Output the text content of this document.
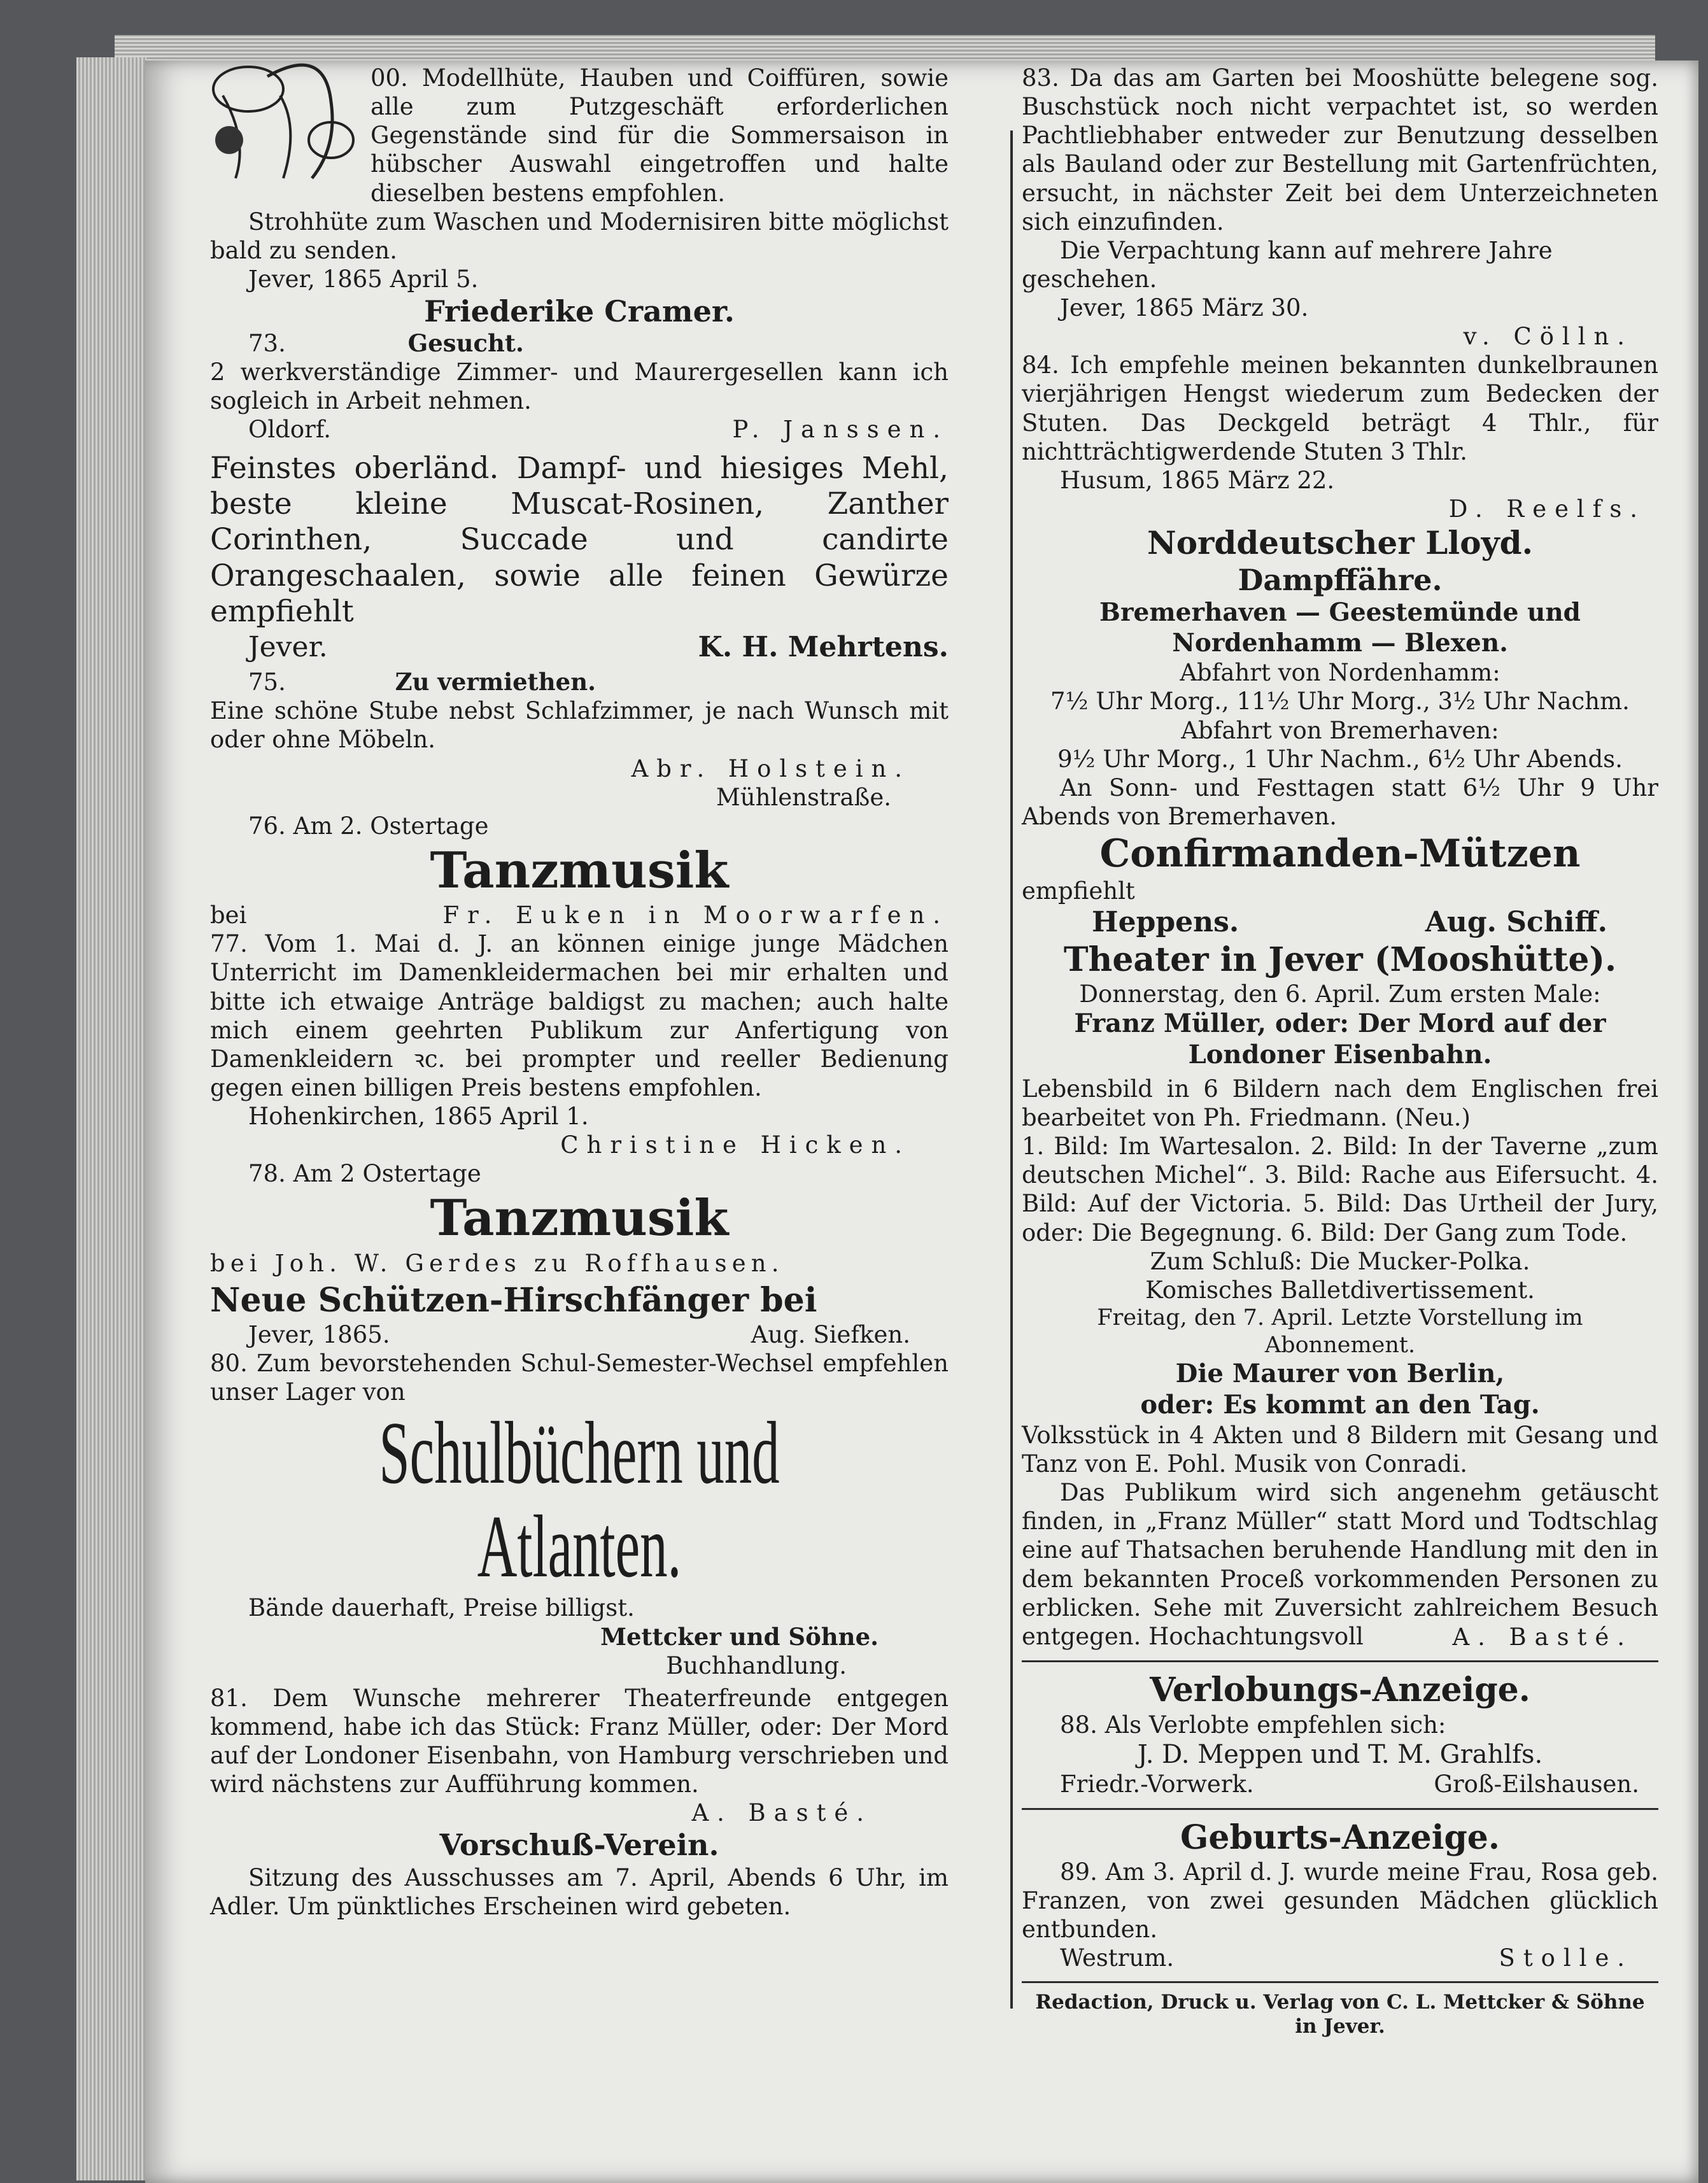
00. Modellhüte, Hauben und Coiffüren, sowie alle zum Putzgeschäft erforderlichen Gegenstände sind für die Sommersaison in hübscher Auswahl eingetroffen und halte dieselben bestens empfohlen.

Strohhüte zum Waschen und Modernisiren bitte möglichst bald zu senden.

Jever, 1865 April 5.

Friederike Cramer.

73.	Gesucht.

2 werkverständige Zimmer- und Maurergesellen kann ich sogleich in Arbeit nehmen.

Oldorf.	P. Janssen.

Feinstes oberländ. Dampf- und hiesiges Mehl, beste kleine Muscat-Rosinen, Zanther Corinthen, Succade und candirte Orangeschaalen, sowie alle feinen Gewürze empfiehlt

Jever.	K. H. Mehrtens.

75.	Zu vermiethen.

Eine schöne Stube nebst Schlafzimmer, je nach Wunsch mit oder ohne Möbeln.

Abr. Holstein.

Mühlenstraße.

76. Am 2. Ostertage

Tanzmusik

bei	Fr. Euken in Moorwarfen.

77. Vom 1. Mai d. J. an können einige junge Mädchen Unterricht im Damenkleidermachen bei mir erhalten und bitte ich etwaige Anträge baldigst zu machen; auch halte mich einem geehrten Publikum zur Anfertigung von Damenkleidern ꝛc. bei prompter und reeller Bedienung gegen einen billigen Preis bestens empfohlen.

Hohenkirchen, 1865 April 1.

Christine Hicken.

78. Am 2 Ostertage

Tanzmusik

bei Joh. W. Gerdes zu Roffhausen.

Neue Schützen-Hirschfänger bei

Jever, 1865.	Aug. Siefken.

80. Zum bevorstehenden Schul-Semester-Wechsel empfehlen unser Lager von

Schulbüchern und
Atlanten.

Bände dauerhaft, Preise billigst.

Mettcker und Söhne.

Buchhandlung.

81. Dem Wunsche mehrerer Theaterfreunde entgegen kommend, habe ich das Stück: Franz Müller, oder: Der Mord auf der Londoner Eisenbahn, von Hamburg verschrieben und wird nächstens zur Aufführung kommen.

A. Basté.

Vorschuß-Verein.

Sitzung des Ausschusses am 7. April, Abends 6 Uhr, im Adler. Um pünktliches Erscheinen wird gebeten.

83. Da das am Garten bei Mooshütte belegene sog. Buschstück noch nicht verpachtet ist, so werden Pachtliebhaber entweder zur Benutzung desselben als Bauland oder zur Bestellung mit Gartenfrüchten, ersucht, in nächster Zeit bei dem Unterzeichneten sich einzufinden.

Die Verpachtung kann auf mehrere Jahre geschehen.

Jever, 1865 März 30.

v. Cölln.

84. Ich empfehle meinen bekannten dunkelbraunen vierjährigen Hengst wiederum zum Bedecken der Stuten. Das Deckgeld beträgt 4 Thlr., für nichtträchtigwerdende Stuten 3 Thlr.

Husum, 1865 März 22.

D. Reelfs.

Norddeutscher Lloyd.

Dampffähre.

Bremerhaven — Geestemünde und

Nordenhamm — Blexen.

Abfahrt von Nordenhamm:

7½ Uhr Morg., 11½ Uhr Morg., 3½ Uhr Nachm.

Abfahrt von Bremerhaven:

9½ Uhr Morg., 1 Uhr Nachm., 6½ Uhr Abends.

An Sonn- und Festtagen statt 6½ Uhr 9 Uhr Abends von Bremerhaven.

Confirmanden-Mützen

empfiehlt

Heppens.	Aug. Schiff.

Theater in Jever (Mooshütte).

Donnerstag, den 6. April. Zum ersten Male:

Franz Müller, oder: Der Mord auf der

Londoner Eisenbahn.

Lebensbild in 6 Bildern nach dem Englischen frei bearbeitet von Ph. Friedmann. (Neu.)

1. Bild: Im Wartesalon. 2. Bild: In der Taverne „zum deutschen Michel“. 3. Bild: Rache aus Eifersucht. 4. Bild: Auf der Victoria. 5. Bild: Das Urtheil der Jury, oder: Die Begegnung. 6. Bild: Der Gang zum Tode.

Zum Schluß: Die Mucker-Polka.

Komisches Balletdivertissement.

Freitag, den 7. April. Letzte Vorstellung im Abonnement.

Die Maurer von Berlin,

oder: Es kommt an den Tag.

Volksstück in 4 Akten und 8 Bildern mit Gesang und Tanz von E. Pohl. Musik von Conradi.

Das Publikum wird sich angenehm getäuscht finden, in „Franz Müller“ statt Mord und Todtschlag eine auf Thatsachen beruhende Handlung mit den in dem bekannten Proceß vorkommenden Personen zu erblicken. Sehe mit Zuversicht zahlreichem Besuch entgegen. Hochachtungsvoll	A. Basté.

Verlobungs-Anzeige.

88. Als Verlobte empfehlen sich:

J. D. Meppen und T. M. Grahlfs.

Friedr.-Vorwerk.	Groß-Eilshausen.

Geburts-Anzeige.

89. Am 3. April d. J. wurde meine Frau, Rosa geb. Franzen, von zwei gesunden Mädchen glücklich entbunden.

Westrum.	Stolle.

Redaction, Druck u. Verlag von C. L. Mettcker & Söhne in Jever.
